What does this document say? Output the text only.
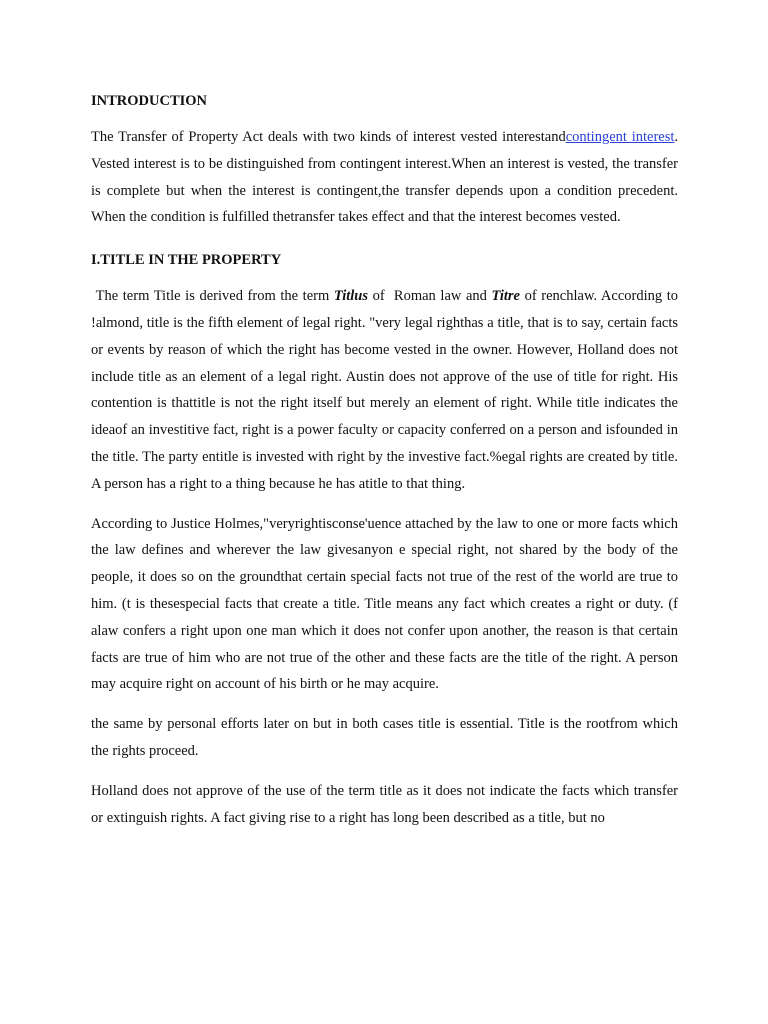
INTRODUCTION

The Transfer of Property Act deals with two kinds of interest vested interestandcontingent interest. Vested interest is to be distinguished from contingent interest.When an interest is vested, the transfer is complete but when the interest is contingent,the transfer depends upon a condition precedent. When the condition is fulfilled thetransfer takes effect and that the interest becomes vested.

I.TITLE IN THE PROPERTY

The term Title is derived from the term Titlus of  Roman law and Titre of renchlaw. According to !almond, title is the fifth element of legal right. "very legal righthas a title, that is to say, certain facts or events by reason of which the right has become vested in the owner. However, Holland does not include title as an element of a legal right. Austin does not approve of the use of title for right. His contention is thattitle is not the right itself but merely an element of right. While title indicates the ideaof an investitive fact, right is a power faculty or capacity conferred on a person and isfounded in the title. The party entitle is invested with right by the investive fact.%egal rights are created by title. A person has a right to a thing because he has atitle to that thing.

According to Justice Holmes,"veryrightisconse'uence attached by the law to one or more facts which the law defines and wherever the law givesanyon e special right, not shared by the body of the people, it does so on the groundthat certain special facts not true of the rest of the world are true to him. (t is thesespecial facts that create a title. Title means any fact which creates a right or duty. (f alaw confers a right upon one man which it does not confer upon another, the reason is that certain facts are true of him who are not true of the other and these facts are the title of the right. A person may acquire right on account of his birth or he may acquire.

the same by personal efforts later on but in both cases title is essential. Title is the rootfrom which the rights proceed.

Holland does not approve of the use of the term title as it does not indicate the facts which transfer or extinguish rights. A fact giving rise to a right has long been described as a title, but no
